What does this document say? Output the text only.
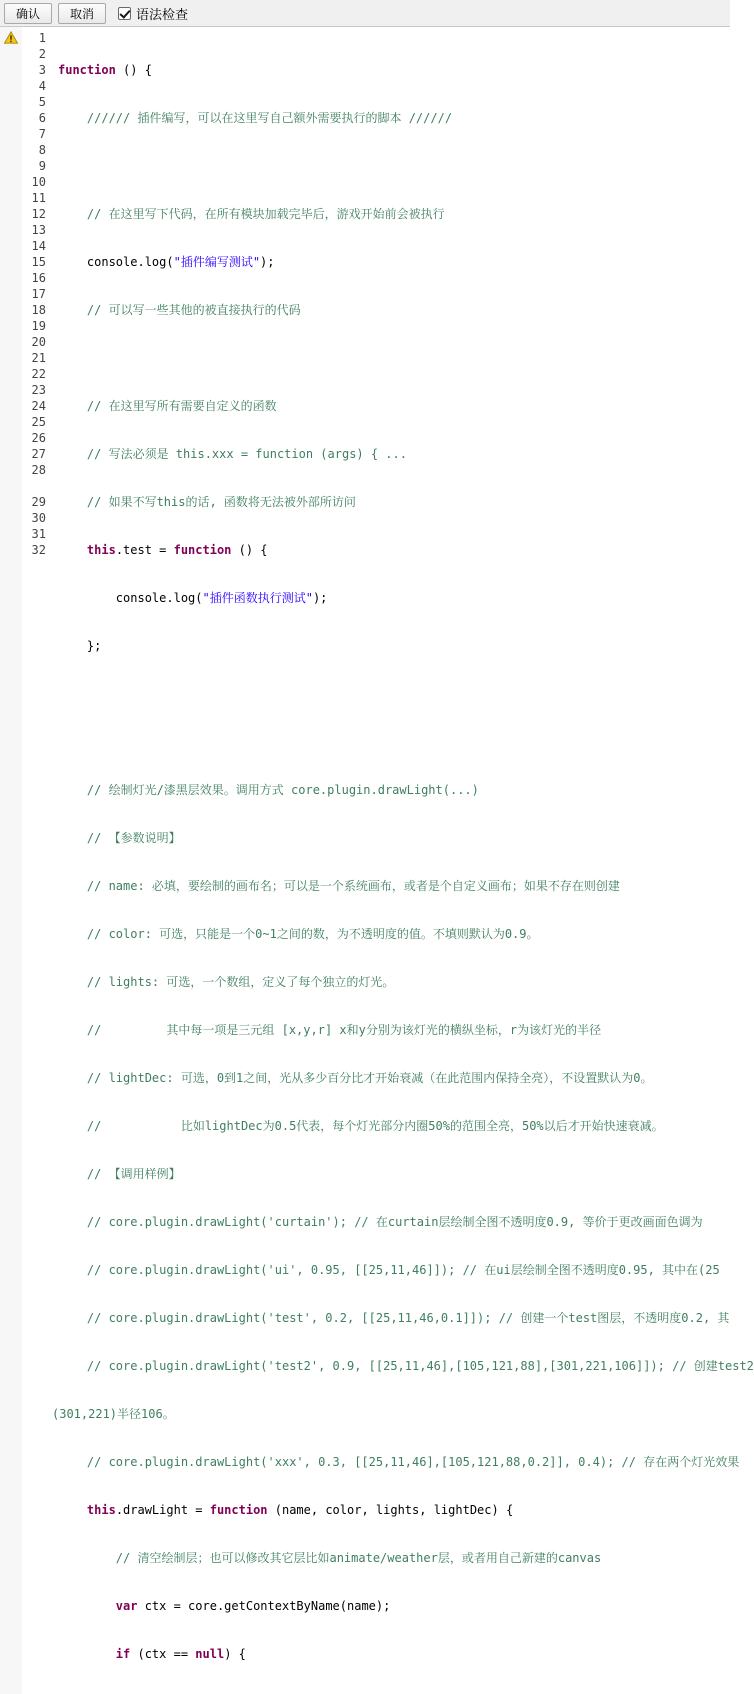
确认	取消	语法检查
1
2
3
4
5
6
7
8
9
10
11
12
13
14
15
16
17
18
19
20
21
22
23
24
25
26
27
28
29
30
31
32

function () {

////// 插件编写，可以在这里写自己额外需要执行的脚本 //////

// 在这里写下代码，在所有模块加载完毕后，游戏开始前会被执行

console.log("插件编写测试");

// 可以写一些其他的被直接执行的代码

// 在这里写所有需要自定义的函数

// 写法必须是 this.xxx = function (args) { ...

// 如果不写this的话, 函数将无法被外部所访问

this.test = function () {

console.log("插件函数执行测试");

};

// 绘制灯光/漆黑层效果。调用方式 core.plugin.drawLight(...)

// 【参数说明】

// name: 必填，要绘制的画布名；可以是一个系统画布，或者是个自定义画布；如果不存在则创建

// color: 可选，只能是一个0~1之间的数，为不透明度的值。不填则默认为0.9。

// lights: 可选，一个数组，定义了每个独立的灯光。

//         其中每一项是三元组 [x,y,r] x和y分别为该灯光的横纵坐标，r为该灯光的半径

// lightDec: 可选，0到1之间，光从多少百分比才开始衰减（在此范围内保持全亮），不设置默认为0。

//           比如lightDec为0.5代表，每个灯光部分内圈50%的范围全亮，50%以后才开始快速衰减。

// 【调用样例】

// core.plugin.drawLight('curtain'); // 在curtain层绘制全图不透明度0.9, 等价于更改画面色调为

// core.plugin.drawLight('ui', 0.95, [[25,11,46]]); // 在ui层绘制全图不透明度0.95, 其中在(25

// core.plugin.drawLight('test', 0.2, [[25,11,46,0.1]]); // 创建一个test图层，不透明度0.2, 其

// core.plugin.drawLight('test2', 0.9, [[25,11,46],[105,121,88],[301,221,106]]); // 创建test2

(301,221)半径106。

// core.plugin.drawLight('xxx', 0.3, [[25,11,46],[105,121,88,0.2]], 0.4); // 存在两个灯光效果

this.drawLight = function (name, color, lights, lightDec) {

// 清空绘制层；也可以修改其它层比如animate/weather层，或者用自己新建的canvas

var ctx = core.getContextByName(name);

if (ctx == null) {
